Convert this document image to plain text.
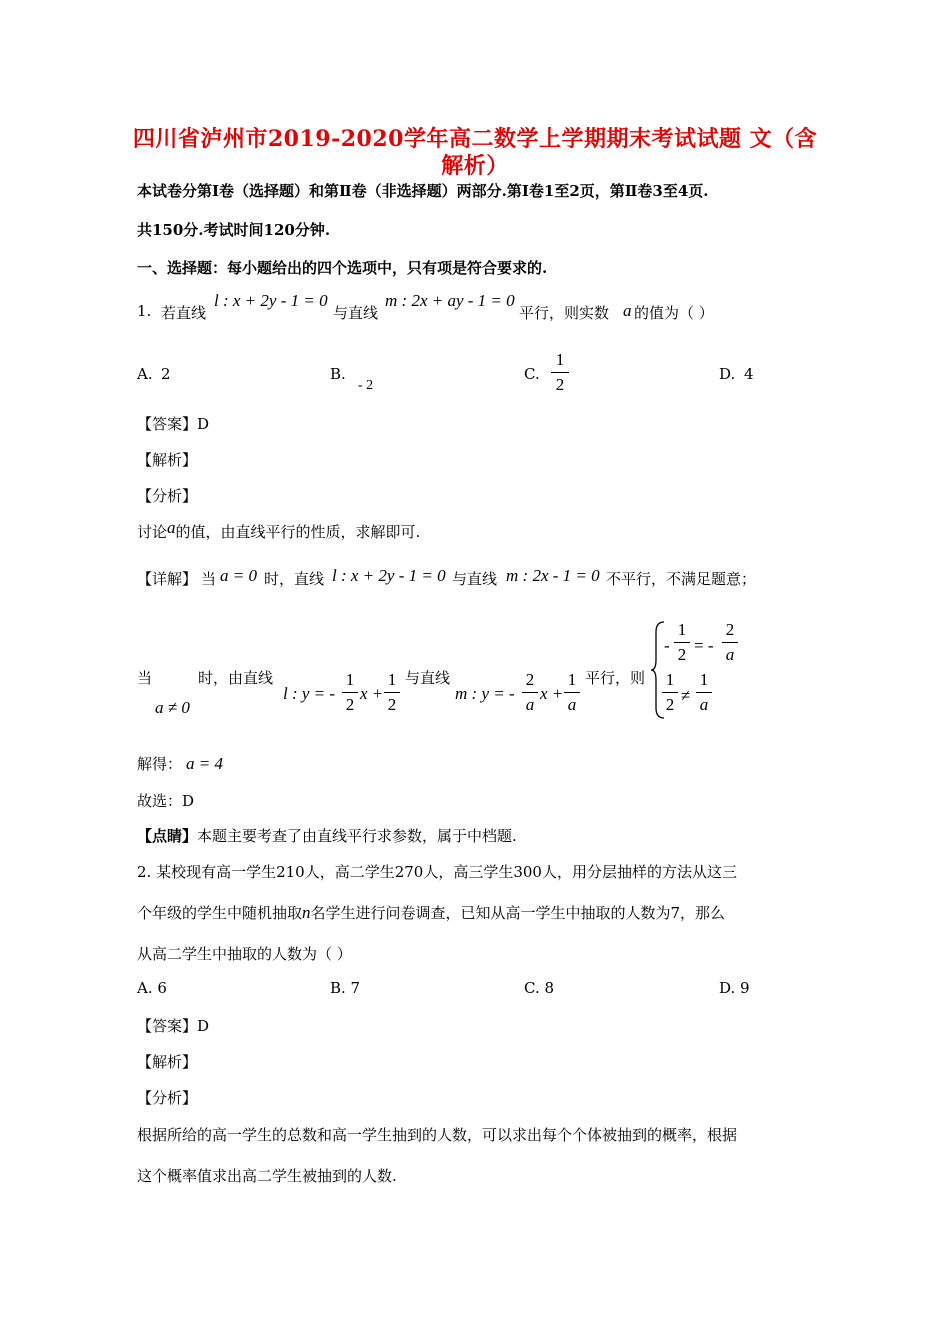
四川省泸州市2019-2020学年高二数学上学期期末考试试题 文（含
解析）
本试卷分第Ⅰ卷（选择题）和第Ⅱ卷（非选择题）两部分.第Ⅰ卷1至2页，第Ⅱ卷3至4页.
共150分.考试时间120分钟.
一、选择题：每小题给出的四个选项中，只有项是符合要求的.
1. 若直线
l : x + 2y - 1 = 0
与直线
m : 2x + ay - 1 = 0
平行，则实数 a 的值为（ ）
A. 2	B.
- 2
C.
1
2
D. 4
【答案】D
【解析】
【分析】
讨论a的值，由直线平行的性质，求解即可.
【详解】 当 a = 0 时，直线 l : x + 2y - 1 = 0 与直线 m : 2x - 1 = 0 不平行，不满足题意；
当
a ≠ 0
时，由直线
l : y = -
1
2
x +
1
2
与直线
m : y = -
2
a
x +
1
a
平行，则
-
1
2 = -
2
a
1
2 ≠
1
a
解得： a = 4
故选：D
【点睛】本题主要考查了由直线平行求参数，属于中档题.
2. 某校现有高一学生210人，高二学生270人，高三学生300人，用分层抽样的方法从这三
个年级的学生中随机抽取n名学生进行问卷调查，已知从高一学生中抽取的人数为7，那么
从高二学生中抽取的人数为（ ）
A. 6	B. 7	C. 8	D. 9
【答案】D
【解析】
【分析】
根据所给的高一学生的总数和高一学生抽到的人数，可以求出每个个体被抽到的概率，根据
这个概率值求出高二学生被抽到的人数.
